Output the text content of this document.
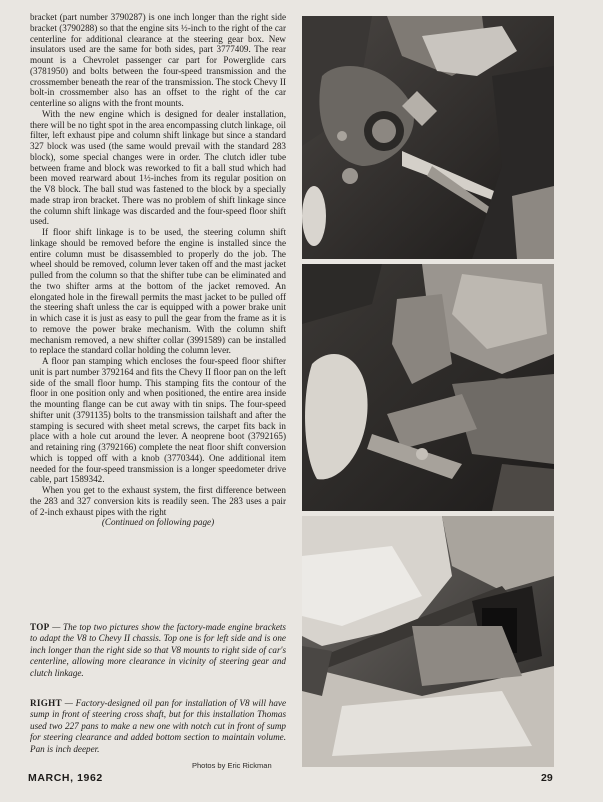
bracket (part number 3790287) is one inch longer than the right side bracket (3790288) so that the engine sits ½-inch to the right of the car centerline for additional clearance at the steering gear box. New insulators used are the same for both sides, part 3777409. The rear mount is a Chevrolet passenger car part for Powerglide cars (3781950) and bolts between the four-speed transmission and the crossmember beneath the rear of the transmission. The stock Chevy II bolt-in crossmember also has an offset to the right of the car centerline so aligns with the front mounts.

With the new engine which is designed for dealer installation, there will be no tight spot in the area encompassing clutch linkage, oil filter, left exhaust pipe and column shift linkage but since a standard 327 block was used (the same would prevail with the standard 283 block), some special changes were in order. The clutch idler tube between frame and block was reworked to fit a ball stud which had been moved rearward about 1½-inches from its regular position on the V8 block. The ball stud was fastened to the block by a specially made strap iron bracket. There was no problem of shift linkage since the column shift linkage was discarded and the four-speed floor shift used.

If floor shift linkage is to be used, the steering column shift linkage should be removed before the engine is installed since the entire column must be disassembled to properly do the job. The wheel should be removed, column lever taken off and the mast jacket pulled from the column so that the shifter tube can be eliminated and the two shifter arms at the bottom of the jacket removed. An elongated hole in the firewall permits the mast jacket to be pulled off the steering shaft unless the car is equipped with a power brake unit in which case it is just as easy to pull the gear from the frame as it is to remove the power brake mechanism. With the column shift mechanism removed, a new shifter collar (3991589) can be installed to replace the standard collar holding the column lever.

A floor pan stamping which encloses the four-speed floor shifter unit is part number 3792164 and fits the Chevy II floor pan on the left side of the small floor hump. This stamping fits the contour of the floor in one position only and when positioned, the entire area inside the mounting flange can be cut away with tin snips. The four-speed shifter unit (3791135) bolts to the transmission tailshaft and after the stamping is secured with sheet metal screws, the carpet fits back in place with a hole cut around the lever. A neoprene boot (3792165) and retaining ring (3792166) complete the neat floor shift conversion which is topped off with a knob (3770344). One additional item needed for the four-speed transmission is a longer speedometer drive cable, part 1589342.

When you get to the exhaust system, the first difference between the 283 and 327 conversion kits is readily seen. The 283 uses a pair of 2-inch exhaust pipes with the right

(Continued on following page)

TOP — The top two pictures show the factory-made engine brackets to adapt the V8 to Chevy II chassis. Top one is for left side and is one inch longer than the right side so that V8 mounts to right side of car's centerline, allowing more clearance in vicinity of steering gear and clutch linkage.

RIGHT — Factory-designed oil pan for installation of V8 will have sump in front of steering cross shaft, but for this installation Thomas used two 227 pans to make a new one with notch cut in front of sump for steering clearance and added bottom section to maintain volume. Pan is inch deeper.

Photos by Eric Rickman
MARCH, 1962	29
